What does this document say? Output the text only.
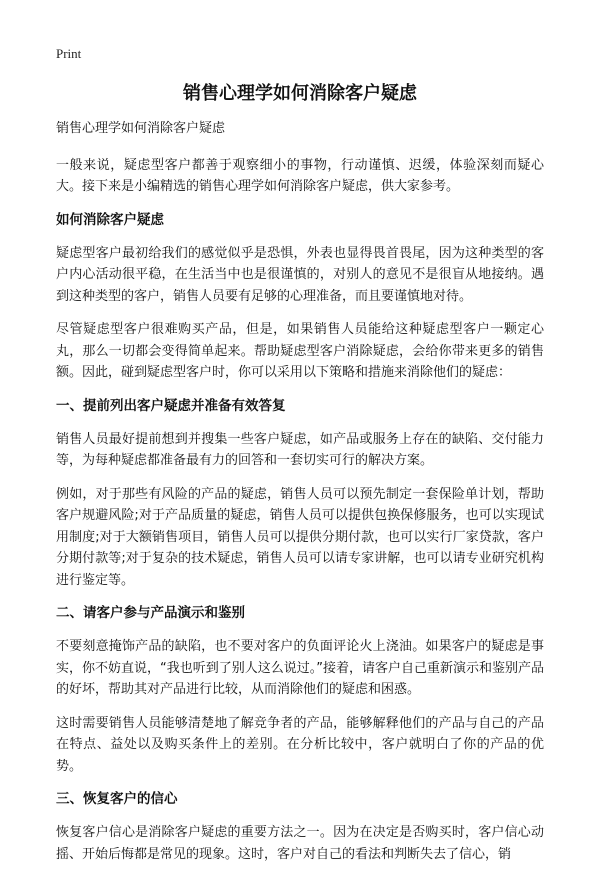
Print
销售心理学如何消除客户疑虑

销售心理学如何消除客户疑虑

一般来说，疑虑型客户都善于观察细小的事物，行动谨慎、迟缓，体验深刻而疑心大。接下来是小编精选的销售心理学如何消除客户疑虑，供大家参考。

如何消除客户疑虑

疑虑型客户最初给我们的感觉似乎是恐惧，外表也显得畏首畏尾，因为这种类型的客户内心活动很平稳，在生活当中也是很谨慎的，对别人的意见不是很盲从地接纳。遇到这种类型的客户，销售人员要有足够的心理准备，而且要谨慎地对待。

尽管疑虑型客户很难购买产品，但是，如果销售人员能给这种疑虑型客户一颗定心丸，那么一切都会变得简单起来。帮助疑虑型客户消除疑虑，会给你带来更多的销售额。因此，碰到疑虑型客户时，你可以采用以下策略和措施来消除他们的疑虑：

一、提前列出客户疑虑并准备有效答复

销售人员最好提前想到并搜集一些客户疑虑，如产品或服务上存在的缺陷、交付能力等，为每种疑虑都准备最有力的回答和一套切实可行的解决方案。

例如，对于那些有风险的产品的疑虑，销售人员可以预先制定一套保险单计划，帮助客户规避风险;对于产品质量的疑虑，销售人员可以提供包换保修服务，也可以实现试用制度;对于大额销售项目，销售人员可以提供分期付款，也可以实行厂家贷款，客户分期付款等;对于复杂的技术疑虑，销售人员可以请专家讲解，也可以请专业研究机构进行鉴定等。

二、请客户参与产品演示和鉴别

不要刻意掩饰产品的缺陷，也不要对客户的负面评论火上浇油。如果客户的疑虑是事实，你不妨直说，“我也听到了别人这么说过。”接着，请客户自己重新演示和鉴别产品的好坏，帮助其对产品进行比较，从而消除他们的疑虑和困惑。

这时需要销售人员能够清楚地了解竞争者的产品，能够解释他们的产品与自己的产品在特点、益处以及购买条件上的差别。在分析比较中，客户就明白了你的产品的优势。

三、恢复客户的信心

恢复客户信心是消除客户疑虑的重要方法之一。因为在决定是否购买时，客户信心动摇、开始后悔都是常见的现象。这时，客户对自己的看法和判断失去了信心，销
